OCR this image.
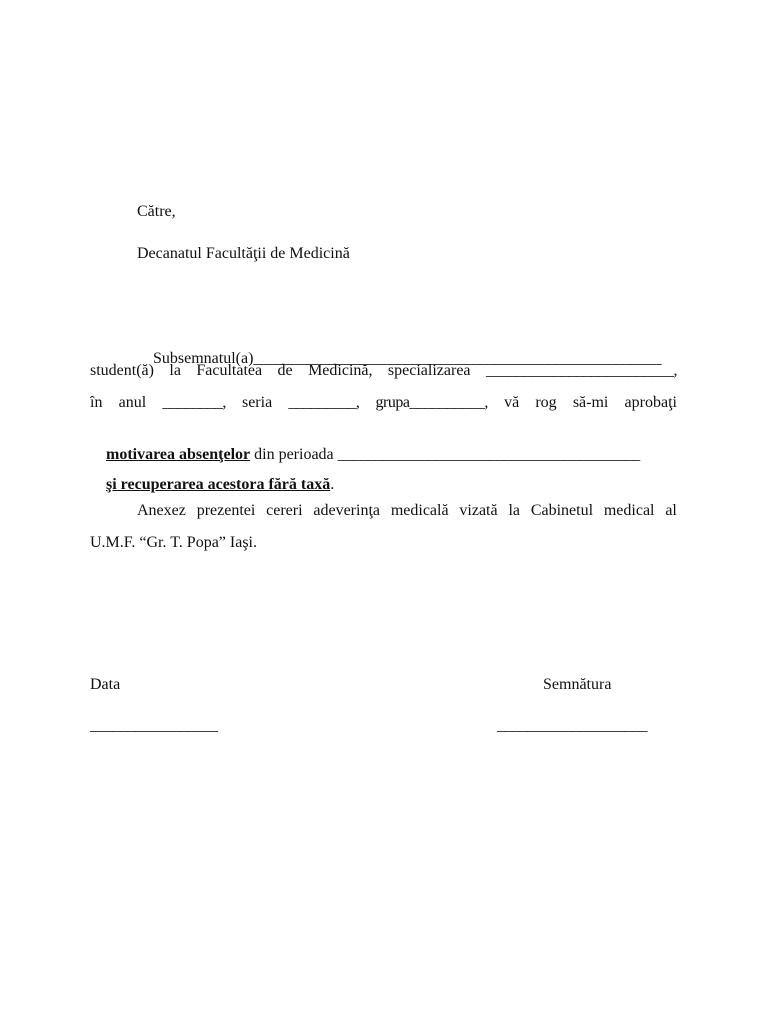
Către,
Decanatul Facultăţii de Medicină

Subsemnatul(a)______________________________________________________

student(ă) la Facultatea de Medicină, specializarea _________________________,
în anul ________, seria _________, grupa__________, vă rog să-mi aprobaţi

motivarea absenţelor din perioada ________________________________________

şi recuperarea acestora fără taxă.

Anexez prezentei cereri adeverinţa medicală vizată la Cabinetul medical al
U.M.F. “Gr. T. Popa” Iaşi.
Data
_________________
Semnătura
____________________
